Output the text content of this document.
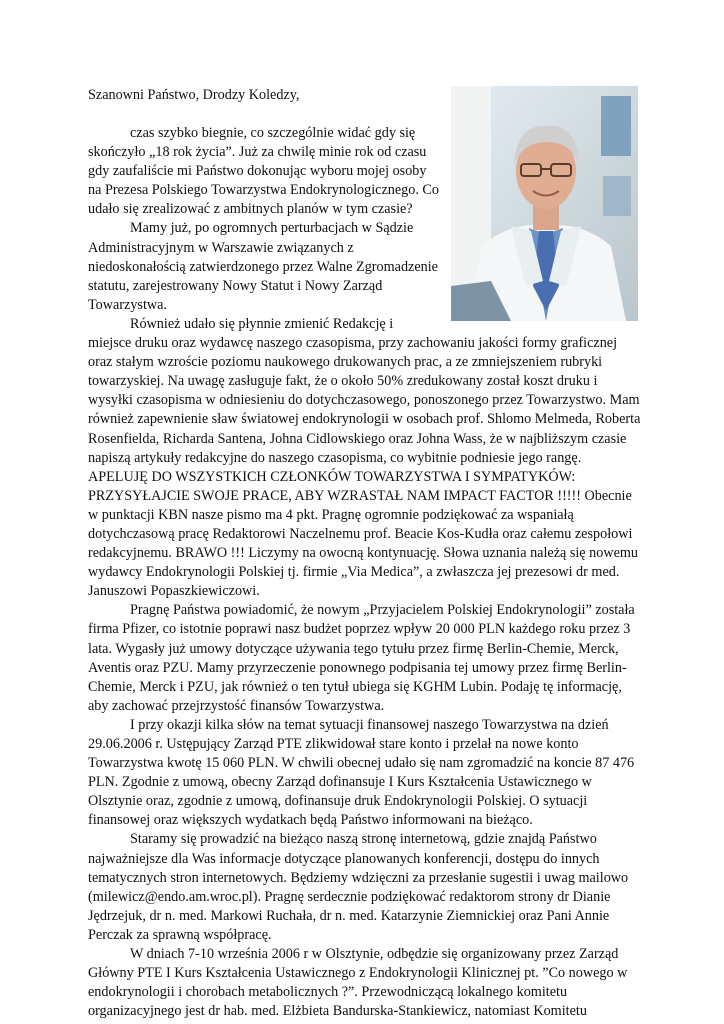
Szanowni Państwo, Drodzy Koledzy,

czas szybko biegnie, co szczególnie widać gdy się skończyło „18 rok życia”. Już za chwilę minie rok od czasu gdy zaufaliście mi Państwo dokonując wyboru mojej osoby na Prezesa Polskiego Towarzystwa Endokrynologicznego. Co udało się zrealizować z ambitnych planów w tym czasie?

Mamy już, po ogromnych perturbacjach w Sądzie Administracyjnym w Warszawie związanych z niedoskonałością zatwierdzonego przez Walne Zgromadzenie statutu, zarejestrowany Nowy Statut i Nowy Zarząd Towarzystwa.

Również udało się płynnie zmienić Redakcję i

miejsce druku oraz wydawcę naszego czasopisma, przy zachowaniu jakości formy graficznej oraz stałym wzroście poziomu naukowego drukowanych prac, a ze zmniejszeniem rubryki towarzyskiej. Na uwagę zasługuje fakt, że o około 50% zredukowany został koszt druku i wysyłki czasopisma w odniesieniu do dotychczasowego, ponoszonego przez Towarzystwo. Mam również zapewnienie sław światowej endokrynologii w osobach prof. Shlomo Melmeda, Roberta Rosenfielda, Richarda Santena, Johna Cidlowskiego oraz Johna Wass, że w najbliższym czasie napiszą artykuły redakcyjne do naszego czasopisma, co wybitnie podniesie jego rangę. APELUJĘ DO WSZYSTKICH CZŁONKÓW TOWARZYSTWA I SYMPATYKÓW: PRZYSYŁAJCIE SWOJE PRACE, ABY WZRASTAŁ NAM IMPACT FACTOR !!!!! Obecnie w punktacji KBN nasze pismo ma 4 pkt. Pragnę ogromnie podziękować za wspaniałą dotychczasową pracę Redaktorowi Naczelnemu prof. Beacie Kos-Kudła oraz całemu zespołowi redakcyjnemu. BRAWO !!! Liczymy na owocną kontynuację. Słowa uznania należą się nowemu wydawcy Endokrynologii Polskiej tj. firmie „Via Medica”, a zwłaszcza jej prezesowi dr med. Januszowi Popaszkiewiczowi.

Pragnę Państwa powiadomić, że nowym „Przyjacielem Polskiej Endokrynologii” została firma Pfizer, co istotnie poprawi nasz budżet poprzez wpływ 20 000 PLN każdego roku przez 3 lata. Wygasły już umowy dotyczące używania tego tytułu przez firmę Berlin-Chemie, Merck, Aventis oraz PZU. Mamy przyrzeczenie ponownego podpisania tej umowy przez firmę Berlin-Chemie, Merck i PZU, jak również o ten tytuł ubiega się KGHM Lubin. Podaję tę informację, aby zachować przejrzystość finansów Towarzystwa.

I przy okazji kilka słów na temat sytuacji finansowej naszego Towarzystwa na dzień 29.06.2006 r. Ustępujący Zarząd PTE zlikwidował stare konto i przelał na nowe konto Towarzystwa kwotę 15 060 PLN. W chwili obecnej udało się nam zgromadzić na koncie 87 476 PLN. Zgodnie z umową, obecny Zarząd dofinansuje I Kurs Kształcenia Ustawicznego w Olsztynie oraz, zgodnie z umową, dofinansuje druk Endokrynologii Polskiej. O sytuacji finansowej oraz większych wydatkach będą Państwo informowani na bieżąco.

Staramy się prowadzić na bieżąco naszą stronę internetową, gdzie znajdą Państwo najważniejsze dla Was informacje dotyczące planowanych konferencji, dostępu do innych tematycznych stron internetowych. Będziemy wdzięczni za przesłanie sugestii i uwag mailowo (milewicz@endo.am.wroc.pl). Pragnę serdecznie podziękować redaktorom strony dr Dianie Jędrzejuk, dr n. med. Markowi Ruchała, dr n. med. Katarzynie Ziemnickiej oraz Pani Annie Perczak za sprawną współpracę.

W dniach 7-10 września 2006 r w Olsztynie, odbędzie się organizowany przez Zarząd Główny PTE I Kurs Kształcenia Ustawicznego z Endokrynologii Klinicznej pt. ”Co nowego w endokrynologii i chorobach metabolicznych ?”. Przewodniczącą lokalnego komitetu organizacyjnego jest dr hab. med. Elżbieta Bandurska-Stankiewicz, natomiast Komitetu
